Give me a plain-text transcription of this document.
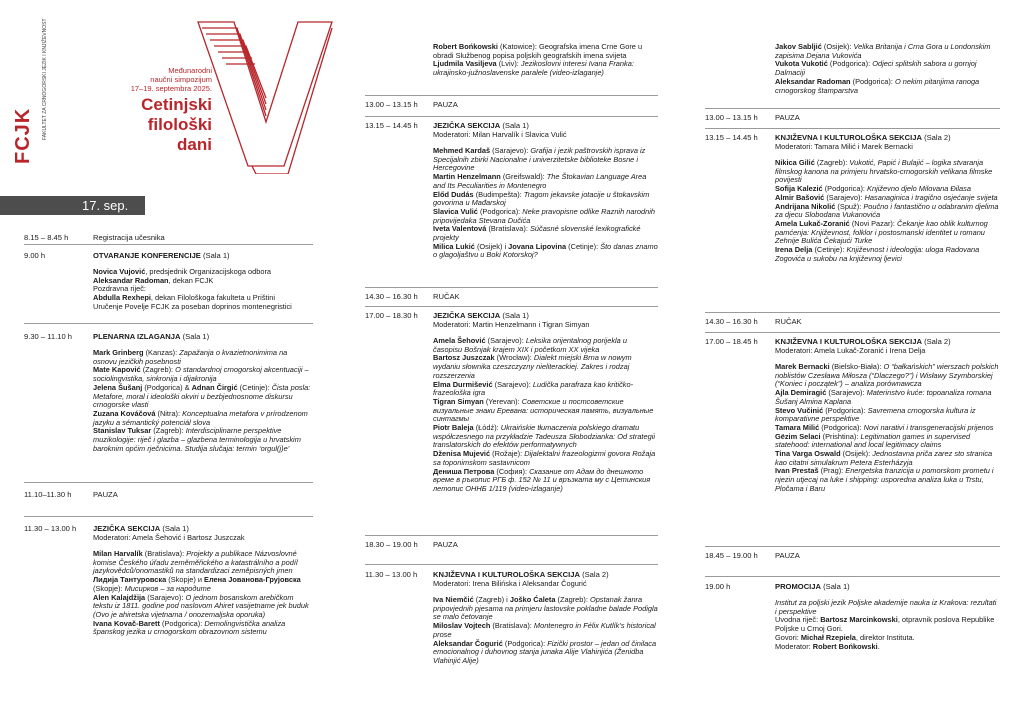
FCJK FAKULTET ZA CRNOGORSKI JEZIK I KNJIŽEVNOST	Međunarodni
naučni simpozijum
17–19. septembra 2025.
Cetinjski
filološki
dani
17. sep.
Registracija učesnika
OTVARANJE KONFERENCIJE (Sala 1)

Novica Vujović, predsjednik Organizacijskoga odbora

Aleksandar Radoman, dekan FCJK

Pozdravna riječ:

Abdulla Rexhepi, dekan Filološkoga fakulteta u Prištini

Uručenje Povelje FCJK za poseban doprinos montenegristici

PLENARNA IZLAGANJA (Sala 1)

Mark Grinberg (Kanzas): Zapažanja o kvazietnonimima na osnovu jezičkih posebnosti

Mate Kapović (Zagreb): O standardnoj crnogorskoj akcentuaciji – sociolingvistika, sinkronija i dijakronija

Jelena Šušanj (Podgorica) & Adnan Čirgić (Cetinje): Čista poslа: Metafore, moral i ideološki okviri u bezbjednosnome diskursu crnogorske vlasti

Zuzana Kováčová (Nitra): Konceptualna metafora v prírodzenom jazyku a sémantický potenciál slova

Stanislav Tuksar (Zagreb): Interdisciplinarne perspektive muzikologije: riječ i glazba – glazbena terminologija u hrvatskim baroknim općim rječnicima. Studija slučaja: termin ‘orgul(j)e’

PAUZA
JEZIČKA SEKCIJA (Sala 1)
Moderatori: Amela Šehović i Bartosz Juszczak

Milan Harvalík (Bratislava): Projekty a publikace Názvoslovné komise Českého úřadu zeměměřického a katastrálního a podíl jazykovědců/onomastiků na standardizaci zeměpisných jmen

Лидија Тантуровска (Skopje) и Елена Јованова-Грујовска (Skopje): Мисирков – за народите

Alen Kalajdžija (Sarajevo): O jednom bosanskom arebičkom tekstu iz 1811. godine pod naslovom Ahiret vasijetname jek buduk (Ovo je ahiretska vijetnama / onozemaljska oporuka)

Ivana Kovač-Barett (Podgorica): Demolingvistička analiza španskog jezika u crnogorskom obrazovnom sistemu

Robert Bońkowski (Katowice): Geografska imena Crne Gore u obradi Službenog popisa poljskih geografskih imena svijeta

Ljudmila Vasiljeva (Lviv): Jezikoslovni interesi Ivana Franka: ukrajinsko-južnoslavenske paralele (video-izlaganje)

PAUZA
JEZIČKA SEKCIJA (Sala 1)
Moderatori: Milan Harvalík i Slavica Vulić

Mehmed Kardaš (Sarajevo): Grafija i jezik paštrovskih isprava iz Specijalnih zbirki Nacionalne i univerzitetske biblioteke Bosne i Hercegovine

Martin Henzelmann (Greifswald): The Štokavian Language Area and Its Peculiarities in Montenegro

Előd Dudás (Budimpešta): Tragom jekavske jotacije u štokavskim govorima u Mađarskoj

Slavica Vulić (Podgorica): Neke pravopisne odlike Raznih narodnih pripovijedaka Stevana Dučića

Iveta Valentová (Bratislava): Súčasné slovenské lexikografické projekty

Milica Lukić (Osijek) i Jovana Lipovina (Cetinje): Što danas znamo o glagoljaštvu u Boki Kotorskoj?

RUČAK
JEZIČKA SEKCIJA (Sala 1)
Moderatori: Martin Henzelmann i Tigran Simyan

Amela Šehović (Sarajevo): Leksika orijentalnog porijekla u časopisu Bošnjak krajem XIX i početkom XX vijeka

Bartosz Juszczak (Wrocław): Dialekt miejski Brna w nowym wydaniu słownika czeszczyzny nieliterackiej. Zakres i rodzaj rozszerzenia

Elma Durmišević (Sarajevo): Ludička parafraza kao kritičko-frazeološka igra

Tigran Simyan (Yerevan): Советские и постсоветские визуальные знаки Еревана: историческая память, визуальные синтагмы

Piotr Baleja (Łódź): Ukraińskie tłumaczenia polskiego dramatu współczesnego na przykładzie Tadeusza Słobodzianka: Od strategii translatorskich do efektów performatywnych

Dženisa Mujević (Rožaje): Dijalektalni frazeologizmi govora Rožaja sa toponimskom sastavnicom

Дениша Петрова (София): Сказание от Адам до днешното време в ръкопис РГБ ф. 152 № 11 и връзката му с Цетинския летопис ОННБ 1/119 (video-izlaganje)

PAUZA
KNJIŽEVNA I KULTUROLOŠKA SEKCIJA (Sala 2)
Moderatori: Irena Bilińska i Aleksandar Čogurić

Iva Niemčić (Zagreb) i Joško Ćaleta (Zagreb): Opstanak žanra pripovjednih pjesama na primjeru lastovske pokladne balade Podigla se malo četovanje

Miloslav Vojtech (Bratislava): Montenegro in Félix Kutlík’s historical prose

Aleksandar Čogurić (Podgorica): Fizički prostor – jedan od činilaca emocionalnog i duhovnog stanja junaka Alije Vlahinjića (Ženidba Vlahinjić Alije)

Jakov Sabljić (Osijek): Velika Britanija i Crna Gora u Londonskim zapisima Dejana Vukovića

Vukota Vukotić (Podgorica): Odjeci splitskih sabora u gornjoj Dalmaciji

Aleksandar Radoman (Podgorica): O nekim pitanjima ranoga crnogorskog štamparstva

PAUZA
KNJIŽEVNA I KULTUROLOŠKA SEKCIJA (Sala 2)
Moderatori: Tamara Milić i Marek Bernacki

Nikica Gilić (Zagreb): Vukotić, Papić i Bulajić – logika stvaranja filmskog kanona na primjeru hrvatsko-crnogorskih velikana filmske povijesti

Sofija Kalezić (Podgorica): Književno djelo Milovana Đilasa

Almir Bašović (Sarajevo): Hasanaginica i tragično osjećanje svijeta

Andrijana Nikolić (Spuž): Poučno i fantastično u odabranim djelima za djecu Slobodana Vukanovića

Amela Lukač-Zoranić (Novi Pazar): Čekanje kao oblik kulturnog pamćenja: Književnost, folklor i postosmanski identitet u romanu Zehnije Bulića Čekajući Turke

Irena Delja (Cetinje): Književnost i ideologija: uloga Radovana Zogovića u sukobu na književnoj ljevici

RUČAK
KNJIŽEVNA I KULTUROLOŠKA SEKCIJA (Sala 2)
Moderatori: Amela Lukač-Zoranić i Irena Delja

Marek Bernacki (Bielsko-Biała): O “bałkańskich” wierszach polskich noblistów Czesława Miłosza (“Dlaczego?”) i Wisławy Szymborskiej (“Koniec i początek”) – analiza porównawcza

Ajla Demiragić (Sarajevo): Materinstvo kuće: topoanaliza romana Šušanj Almina Kaplana

Stevo Vučinić (Podgorica): Savremena crnogorska kultura iz komparativne perspektive

Tamara Milić (Podgorica): Novi narativi i transgeneracijski prijenos

Gëzim Selaci (Prishtina): Legitimation games in supervised statehood: international and local legitimacy claims

Tina Varga Oswald (Osijek): Jednostavna priča zarez sto stranica kao citatni simulakrum Petera Esterházyja

Ivan Prestaš (Prag): Energetska tranzicija u pomorskom prometu i njezin utjecaj na luke i shipping: usporedna analiza luka u Trstu, Pločama i Baru

PAUZA
PROMOCIJA (Sala 1)

Institut za poljski jezik Poljske akademije nauka iz Krakova: rezultati i perspektive

Uvodna riječ: Bartosz Marcinkowski, otpravnik poslova Republike Poljske u Crnoj Gori.

Govori: Michał Rzepiela, direktor Instituta.

Moderator: Robert Bońkowski.

8.15 – 8.45 h
9.00 h
9.30 – 11.10 h
11.10–11.30 h
11.30 – 13.00 h
13.00 – 13.15 h
13.15 – 14.45 h
14.30 – 16.30 h
17.00 – 18.30 h
18.30 – 19.00 h
11.30 – 13.00 h
13.00 – 13.15 h
13.15 – 14.45 h
14.30 – 16.30 h
17.00 – 18.45 h
18.45 – 19.00 h
19.00 h
